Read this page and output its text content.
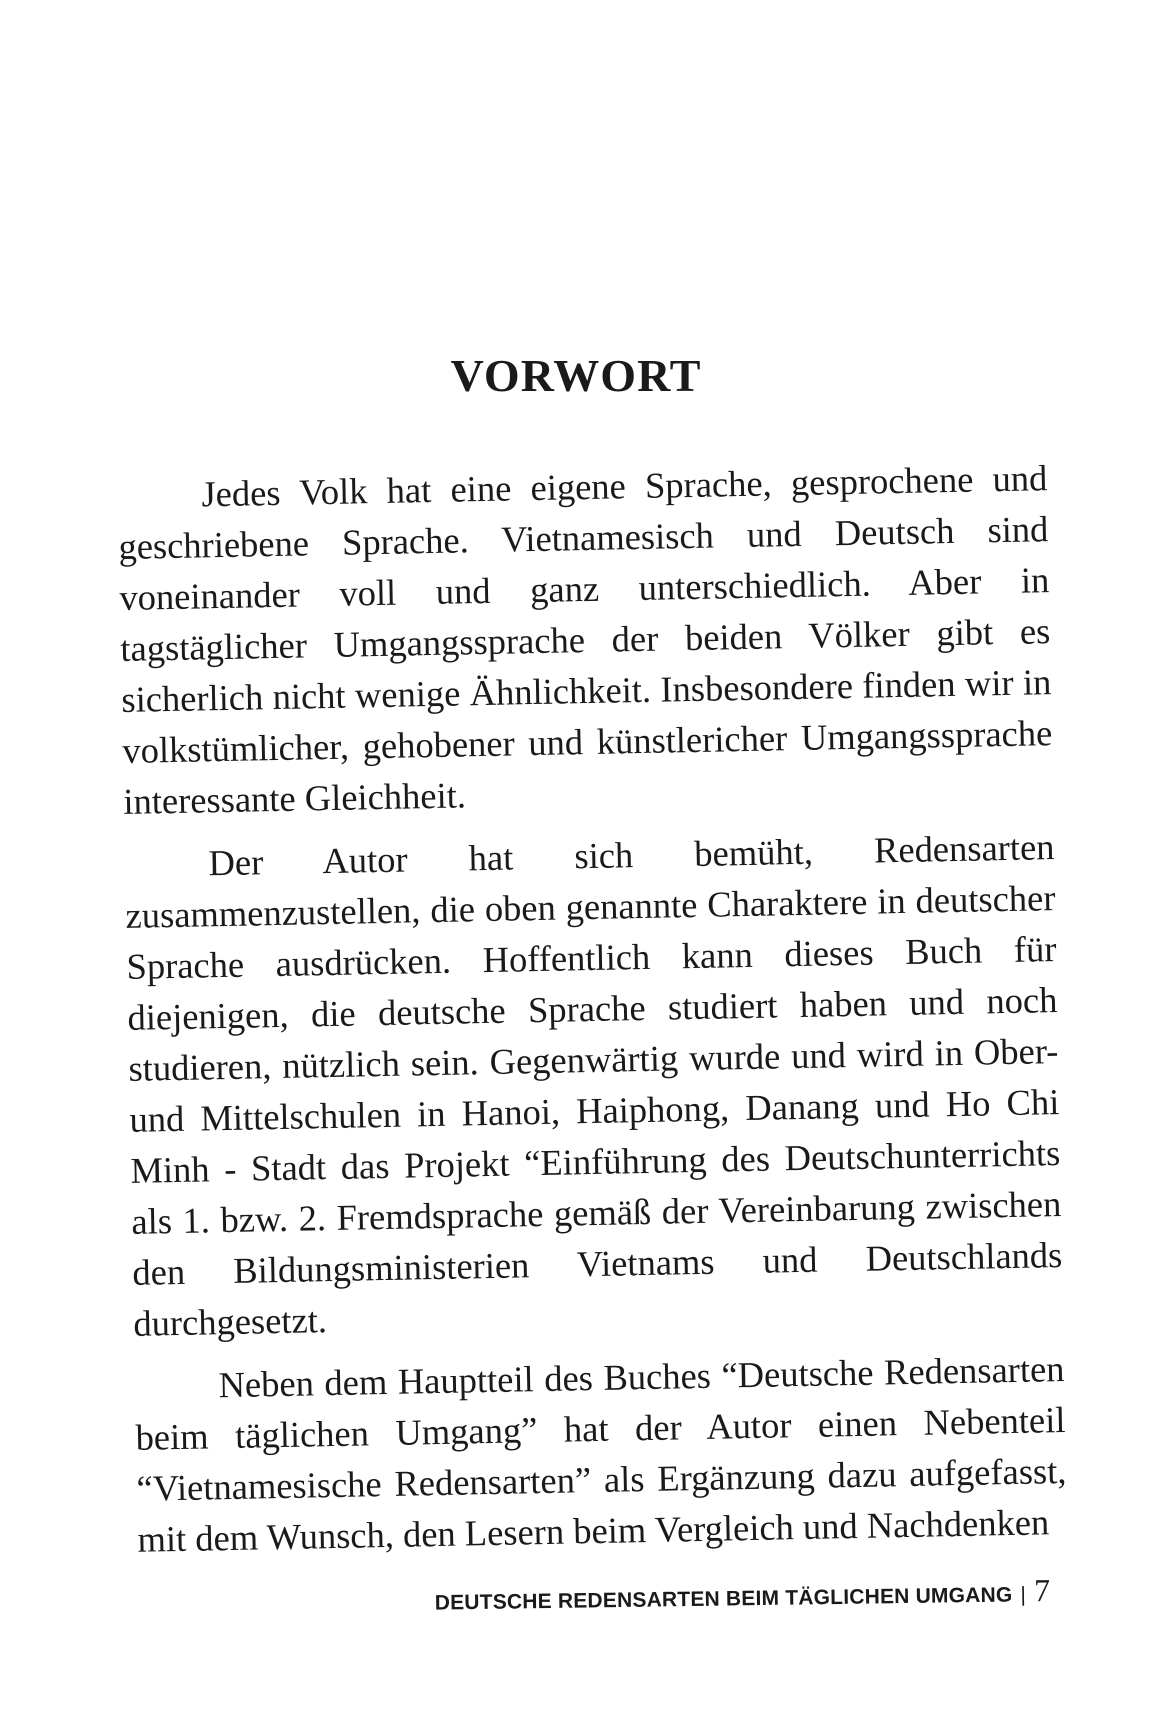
VORWORT

Jedes Volk hat eine eigene Sprache, gesprochene und geschriebene Sprache. Vietnamesisch und Deutsch sind voneinander voll und ganz unterschiedlich. Aber in tagstäglicher Umgangssprache der beiden Völker gibt es sicherlich nicht wenige Ähnlichkeit. Insbesondere finden wir in volkstümlicher, gehobener und künstlericher Umgangssprache interessante Gleichheit.

Der Autor hat sich bemüht, Redensarten zusammenzustellen, die oben genannte Charaktere in deutscher Sprache ausdrücken. Hoffentlich kann dieses Buch für diejenigen, die deutsche Sprache studiert haben und noch studieren, nützlich sein. Gegenwärtig wurde und wird in Ober- und Mittelschulen in Hanoi, Haiphong, Danang und Ho Chi Minh - Stadt das Projekt “Einführung des Deutschunterrichts als 1. bzw. 2. Fremdsprache gemäß der Vereinbarung zwischen den Bildungsministerien Vietnams und Deutschlands durchgesetzt.

Neben dem Hauptteil des Buches “Deutsche Redensarten beim täglichen Umgang” hat der Autor einen Nebenteil “Vietnamesische Redensarten” als Ergänzung dazu aufgefasst, mit dem Wunsch, den Lesern beim Vergleich und Nachdenken

DEUTSCHE REDENSARTEN BEIM TÄGLICHEN UMGANG | 7
